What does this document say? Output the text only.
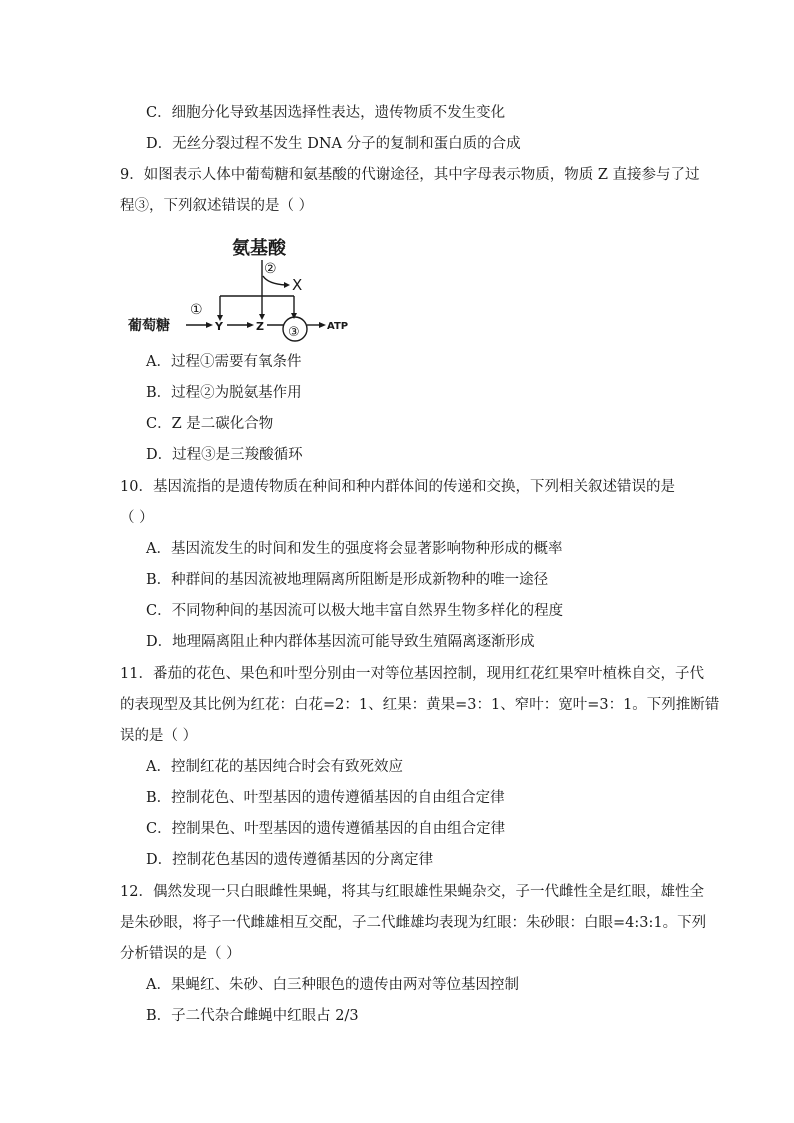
C．细胞分化导致基因选择性表达，遗传物质不发生变化
D．无丝分裂过程不发生 DNA 分子的复制和蛋白质的合成
9．如图表示人体中葡萄糖和氨基酸的代谢途径，其中字母表示物质，物质 Z 直接参与了过
程③，下列叙述错误的是（ ）
氨基酸
②
X
葡萄糖
①
Y	Z ③	ATP
A．过程①需要有氧条件
B．过程②为脱氨基作用
C．Z 是二碳化合物
D．过程③是三羧酸循环
10．基因流指的是遗传物质在种间和种内群体间的传递和交换，下列相关叙述错误的是
（ ）
A．基因流发生的时间和发生的强度将会显著影响物种形成的概率
B．种群间的基因流被地理隔离所阻断是形成新物种的唯一途径
C．不同物种间的基因流可以极大地丰富自然界生物多样化的程度
D．地理隔离阻止种内群体基因流可能导致生殖隔离逐渐形成
11．番茄的花色、果色和叶型分别由一对等位基因控制，现用红花红果窄叶植株自交，子代
的表现型及其比例为红花：白花=2：1、红果：黄果=3：1、窄叶：宽叶=3：1。下列推断错
误的是（ ）
A．控制红花的基因纯合时会有致死效应
B．控制花色、叶型基因的遗传遵循基因的自由组合定律
C．控制果色、叶型基因的遗传遵循基因的自由组合定律
D．控制花色基因的遗传遵循基因的分离定律
12．偶然发现一只白眼雌性果蝇，将其与红眼雄性果蝇杂交，子一代雌性全是红眼，雄性全
是朱砂眼，将子一代雌雄相互交配，子二代雌雄均表现为红眼：朱砂眼：白眼=4:3:1。下列
分析错误的是（ ）
A．果蝇红、朱砂、白三种眼色的遗传由两对等位基因控制
B．子二代杂合雌蝇中红眼占 2/3
